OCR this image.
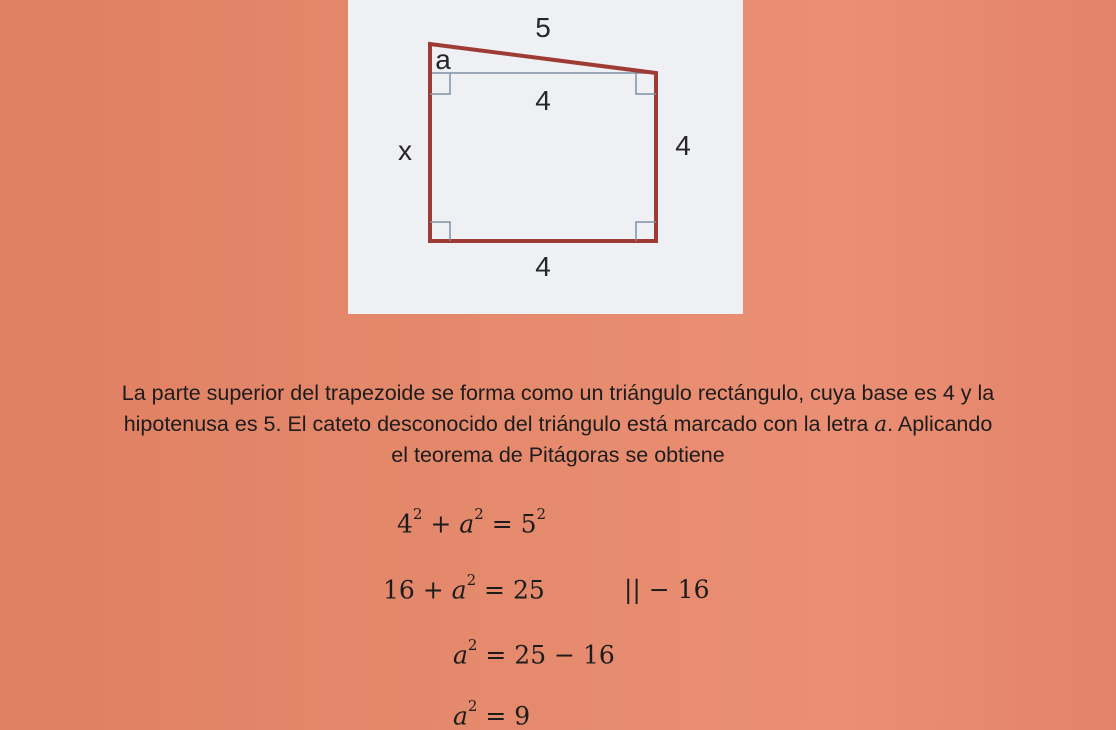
5
a
4
x	4
4
La parte superior del trapezoide se forma como un triángulo rectángulo, cuya base es 4 y la
hipotenusa es 5. El cateto desconocido del triángulo está marcado con la letra a. Aplicando
el teorema de Pitágoras se obtiene
$4^2 + a^2 = 5^2$
$16 + a^2 = 25$	|| − 16
$a^2 = 25 - 16$
$a^2 = 9$
